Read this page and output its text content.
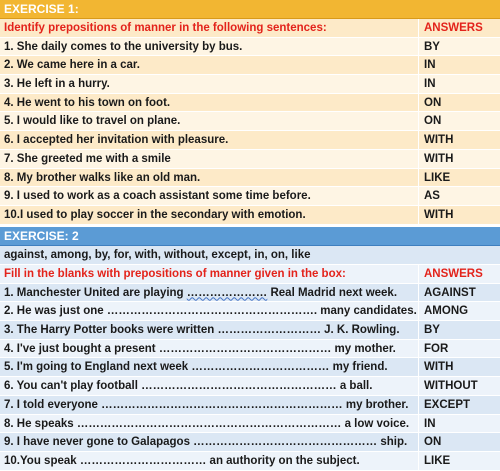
EXERCISE 1:
Identify prepositions of manner in the following sentences:	ANSWERS
1. She daily comes to the university by bus.	BY
2. We came here in a car.	IN
3. He left in a hurry.	IN
4. He went to his town on foot.	ON
5. I would like to travel on plane.	ON
6. I accepted her invitation with pleasure.	WITH
7. She greeted me with a smile	WITH
8. My brother walks like an old man.	LIKE
9. I used to work as a coach assistant some time before.	AS
10.I used to play soccer in the secondary with emotion.	WITH
EXERCISE: 2
against, among, by, for, with, without, except, in, on, like
Fill in the blanks with prepositions of manner given in the box:	ANSWERS
1. Manchester United are playing ………………… Real Madrid next week.	AGAINST
2. He was just one ………………………………………………. many candidates. AMONG
3. The Harry Potter books were written ……………………… J. K. Rowling.	BY
4. I've just bought a present ……………………………………… my mother.	FOR
5. I'm going to England next week ……………………………… my friend.	WITH
6. You can't play football …………………………………………… a ball.	WITHOUT
7. I told everyone ……………………………………………………… my brother.	EXCEPT
8. He speaks …………………………………………………………… a low voice.	IN
9. I have never gone to Galapagos ………………………………………… ship.	ON
10.You speak …………………………… an authority on the subject.	LIKE
